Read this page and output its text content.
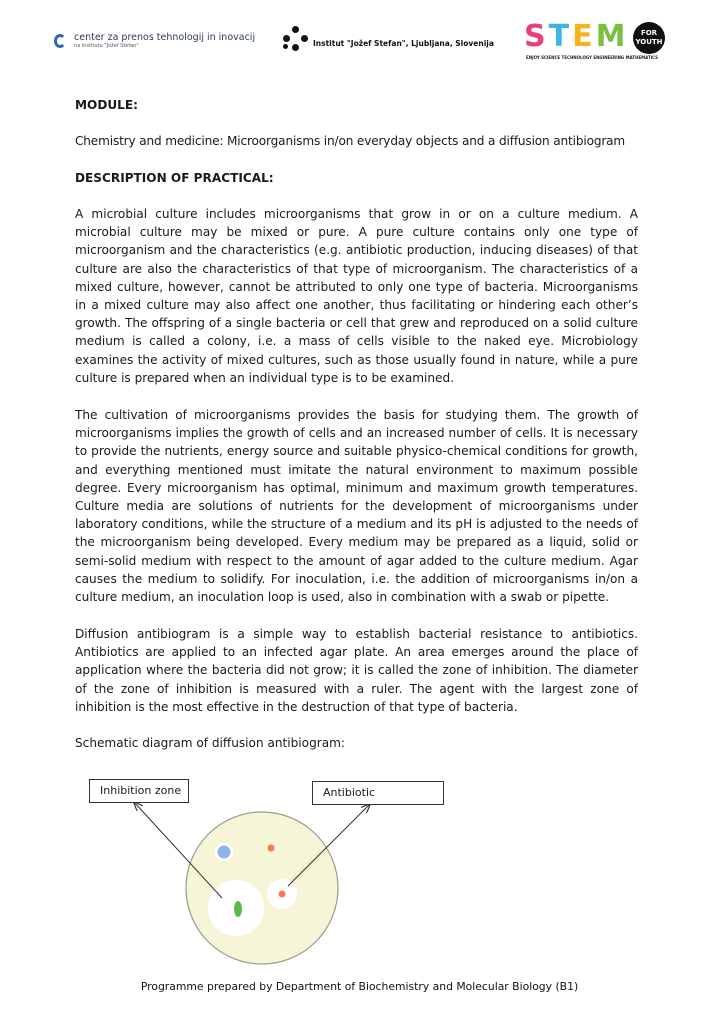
center za prenos tehnologij in inovacij
na Institutu "Jožef Stefan"	Institut "Jožef Stefan", Ljubljana, Slovenija STEM	FOR YOUTH
ENJOY SCIENCE TECHNOLOGY ENGINEERING MATHEMATICS

MODULE:

Chemistry and medicine: Microorganisms in/on everyday objects and a diffusion antibiogram

DESCRIPTION OF PRACTICAL:

A microbial culture includes microorganisms that grow in or on a culture medium. A microbial culture may be mixed or pure. A pure culture contains only one type of microorganism and the characteristics (e.g. antibiotic production, inducing diseases) of that culture are also the characteristics of that type of microorganism. The characteristics of a mixed culture, however, cannot be attributed to only one type of bacteria. Microorganisms in a mixed culture may also affect one another, thus facilitating or hindering each other’s growth. The offspring of a single bacteria or cell that grew and reproduced on a solid culture medium is called a colony, i.e. a mass of cells visible to the naked eye. Microbiology examines the activity of mixed cultures, such as those usually found in nature, while a pure culture is prepared when an individual type is to be examined.

The cultivation of microorganisms provides the basis for studying them. The growth of microorganisms implies the growth of cells and an increased number of cells. It is necessary to provide the nutrients, energy source and suitable physico-chemical conditions for growth, and everything mentioned must imitate the natural environment to maximum possible degree. Every microorganism has optimal, minimum and maximum growth temperatures. Culture media are solutions of nutrients for the development of microorganisms under laboratory conditions, while the structure of a medium and its pH is adjusted to the needs of the microorganism being developed. Every medium may be prepared as a liquid, solid or semi-solid medium with respect to the amount of agar added to the culture medium. Agar causes the medium to solidify. For inoculation, i.e. the addition of microorganisms in/on a culture medium, an inoculation loop is used, also in combination with a swab or pipette.

Diffusion antibiogram is a simple way to establish bacterial resistance to antibiotics. Antibiotics are applied to an infected agar plate. An area emerges around the place of application where the bacteria did not grow; it is called the zone of inhibition. The diameter of the zone of inhibition is measured with a ruler. The agent with the largest zone of inhibition is the most effective in the destruction of that type of bacteria.

Schematic diagram of diffusion antibiogram:

Inhibition zone	Antibiotic
Programme prepared by Department of Biochemistry and Molecular Biology (B1)
